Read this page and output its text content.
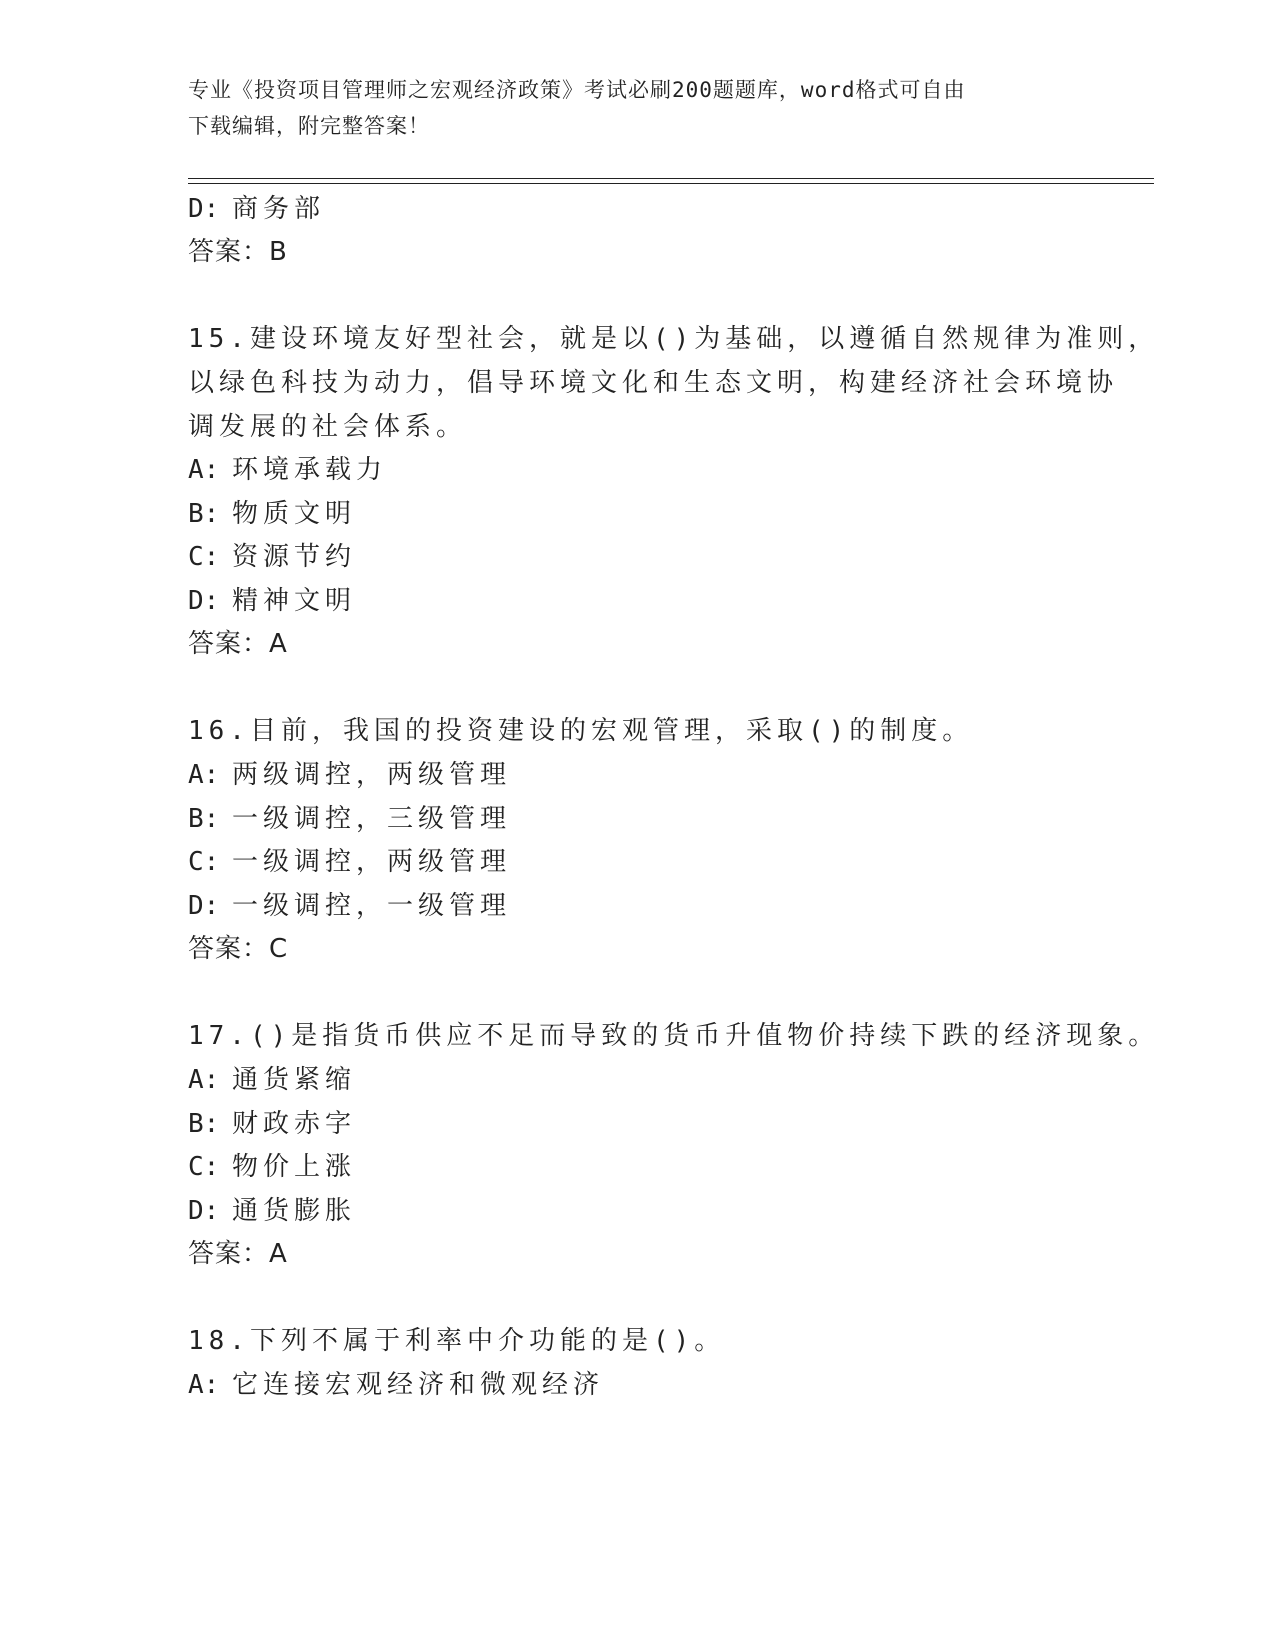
专业《投资项目管理师之宏观经济政策》考试必刷200题题库，word格式可自由
下载编辑，附完整答案！
D: 商务部
答案：B
15.建设环境友好型社会，就是以()为基础，以遵循自然规律为准则，
以绿色科技为动力，倡导环境文化和生态文明，构建经济社会环境协
调发展的社会体系。
A: 环境承载力
B: 物质文明
C: 资源节约
D: 精神文明
答案：A
16.目前，我国的投资建设的宏观管理，采取()的制度。
A: 两级调控，两级管理
B: 一级调控，三级管理
C: 一级调控，两级管理
D: 一级调控，一级管理
答案：C
17.()是指货币供应不足而导致的货币升值物价持续下跌的经济现象。
A: 通货紧缩
B: 财政赤字
C: 物价上涨
D: 通货膨胀
答案：A
18.下列不属于利率中介功能的是()。
A: 它连接宏观经济和微观经济
